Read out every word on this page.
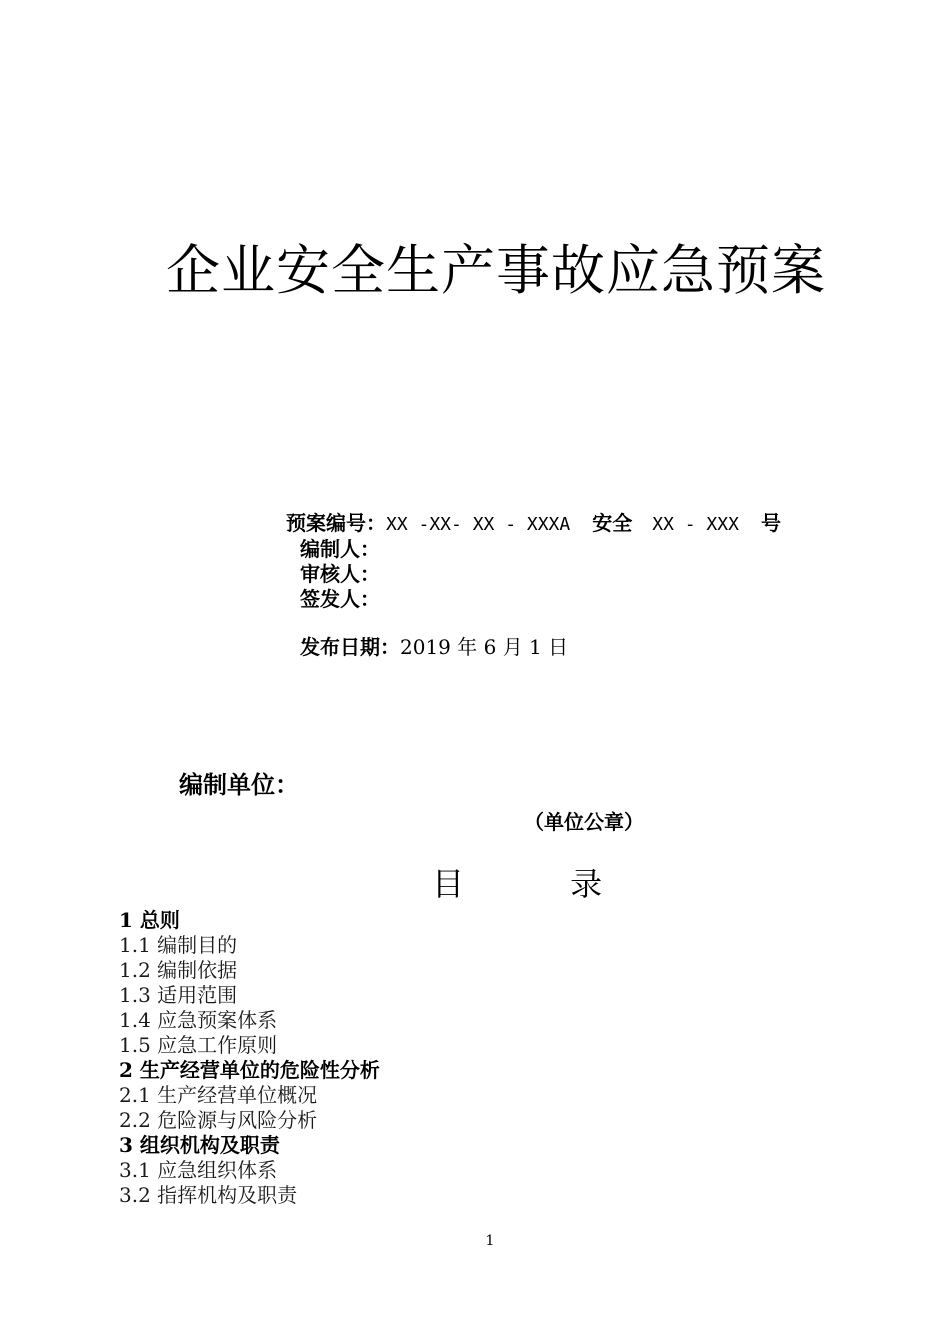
企业安全生产事故应急预案
预案编号：XX -XX- XX - XXXA 安全 XX - XXX 号
编制人：
审核人：
签发人：
发布日期：2019 年 6 月 1 日
编制单位：
（单位公章）
目 录
1 总则
1.1 编制目的
1.2 编制依据
1.3 适用范围
1.4 应急预案体系
1.5 应急工作原则
2 生产经营单位的危险性分析
2.1 生产经营单位概况
2.2 危险源与风险分析
3 组织机构及职责
3.1 应急组织体系
3.2 指挥机构及职责
1
